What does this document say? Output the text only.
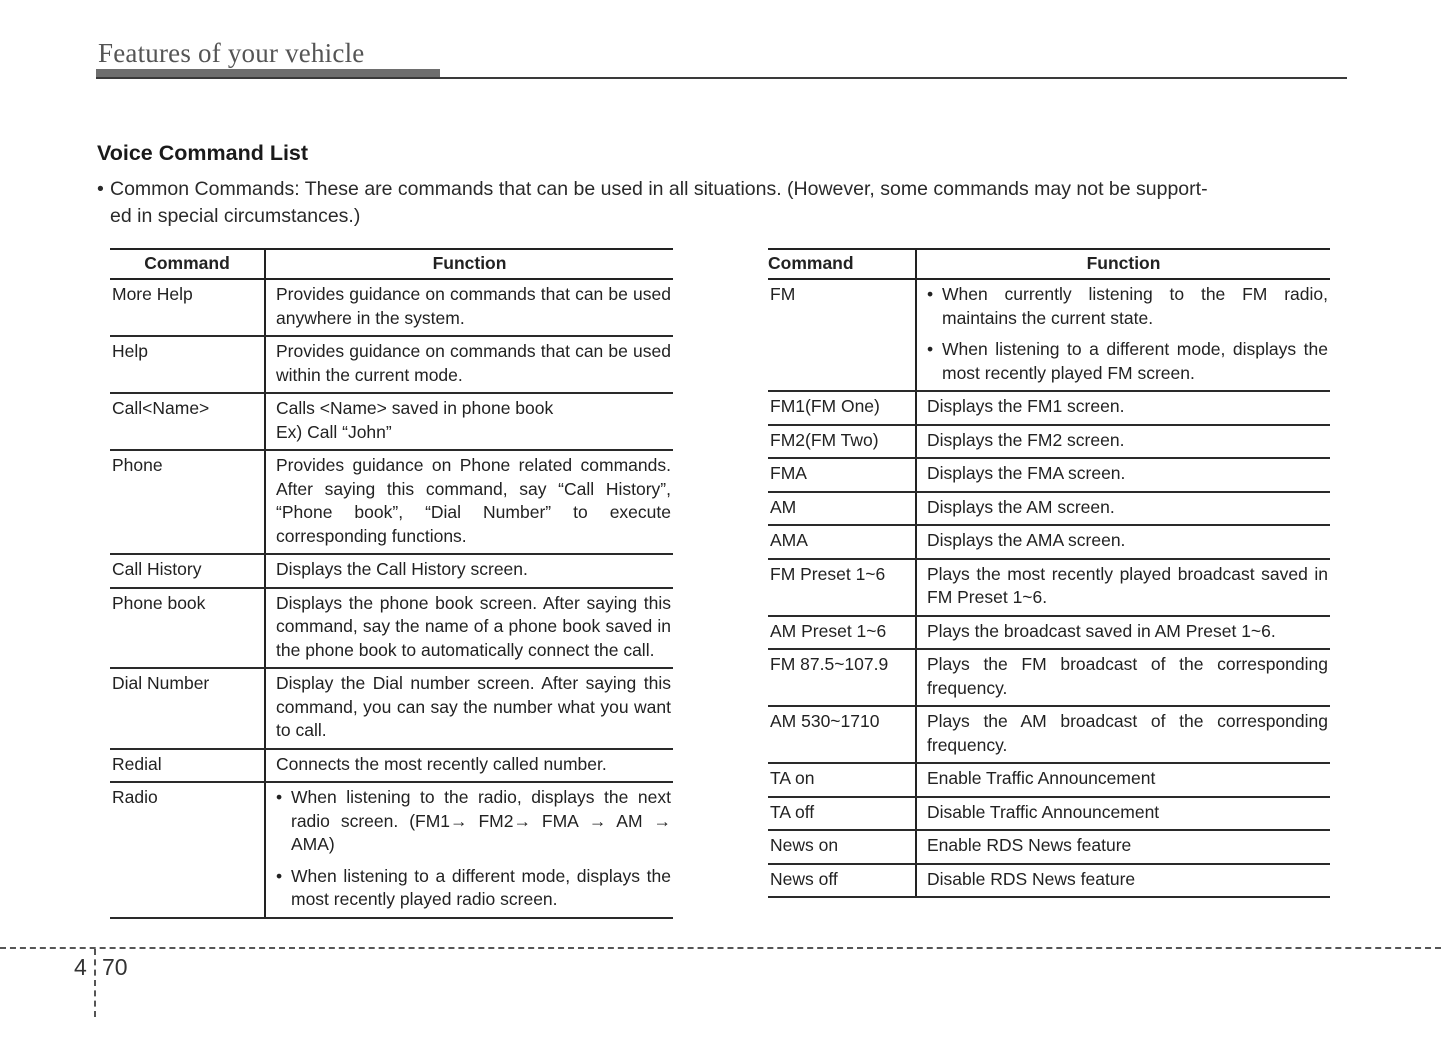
Features of your vehicle
Voice Command List
• Common Commands: These are commands that can be used in all situations. (However, some commands may not be support-
ed in special circumstances.)
Command	Function
More Help	Provides guidance on commands that can be used anywhere in the system.
Help	Provides guidance on commands that can be used within the current mode.
Call<Name>	Calls <Name> saved in phone book
Ex) Call “John”

Phone	Provides guidance on Phone related commands. After saying this command, say “Call History”, “Phone book”, “Dial Number” to execute corresponding functions.
Call History	Displays the Call History screen.
Phone book	Displays the phone book screen. After saying this command, say the name of a phone book saved in the phone book to automatically connect the call.
Dial Number	Display the Dial number screen. After saying this command, you can say the number what you want to call.
Redial	Connects the most recently called number.
Radio	• When listening to the radio, displays the next radio screen. (FM1→ FM2→ FMA → AM → AMA)
• When listening to a different mode, displays the most recently played radio screen.
Command	Function
FM	• When currently listening to the FM radio, maintains the current state.
• When listening to a different mode, displays the most recently played FM screen.

FM1(FM One)	Displays the FM1 screen.
FM2(FM Two)	Displays the FM2 screen.
FMA	Displays the FMA screen.
AM	Displays the AM screen.
AMA	Displays the AMA screen.
FM Preset 1~6	Plays the most recently played broadcast saved in FM Preset 1~6.
AM Preset 1~6	Plays the broadcast saved in AM Preset 1~6.
FM 87.5~107.9	Plays the FM broadcast of the corresponding frequency.
AM 530~1710	Plays the AM broadcast of the corresponding frequency.
TA on	Enable Traffic Announcement
TA off	Disable Traffic Announcement
News on	Enable RDS News feature
News off	Disable RDS News feature
4 70
